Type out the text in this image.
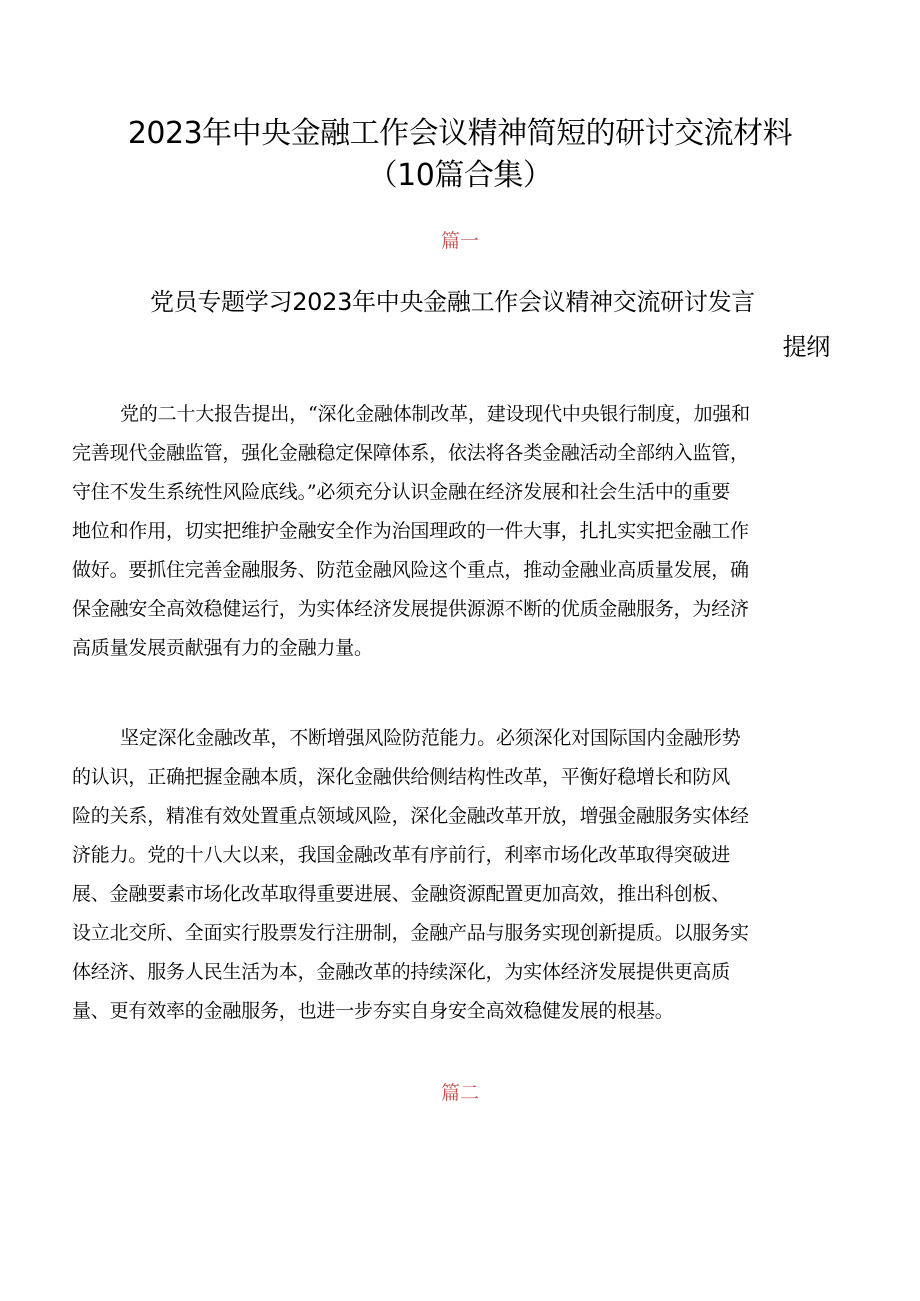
2023年中央金融工作会议精神简短的研讨交流材料
（10篇合集）
篇一
党员专题学习2023年中央金融工作会议精神交流研讨发言
提纲
党的二十大报告提出，“深化金融体制改革，建设现代中央银行制度，加强和
完善现代金融监管，强化金融稳定保障体系，依法将各类金融活动全部纳入监管，
守住不发生系统性风险底线。”必须充分认识金融在经济发展和社会生活中的重要
地位和作用，切实把维护金融安全作为治国理政的一件大事，扎扎实实把金融工作
做好。要抓住完善金融服务、防范金融风险这个重点，推动金融业高质量发展，确
保金融安全高效稳健运行，为实体经济发展提供源源不断的优质金融服务，为经济
高质量发展贡献强有力的金融力量。
坚定深化金融改革，不断增强风险防范能力。必须深化对国际国内金融形势
的认识，正确把握金融本质，深化金融供给侧结构性改革，平衡好稳增长和防风
险的关系，精准有效处置重点领域风险，深化金融改革开放，增强金融服务实体经
济能力。党的十八大以来，我国金融改革有序前行，利率市场化改革取得突破进
展、金融要素市场化改革取得重要进展、金融资源配置更加高效，推出科创板、
设立北交所、全面实行股票发行注册制，金融产品与服务实现创新提质。以服务实
体经济、服务人民生活为本，金融改革的持续深化，为实体经济发展提供更高质
量、更有效率的金融服务，也进一步夯实自身安全高效稳健发展的根基。
篇二
